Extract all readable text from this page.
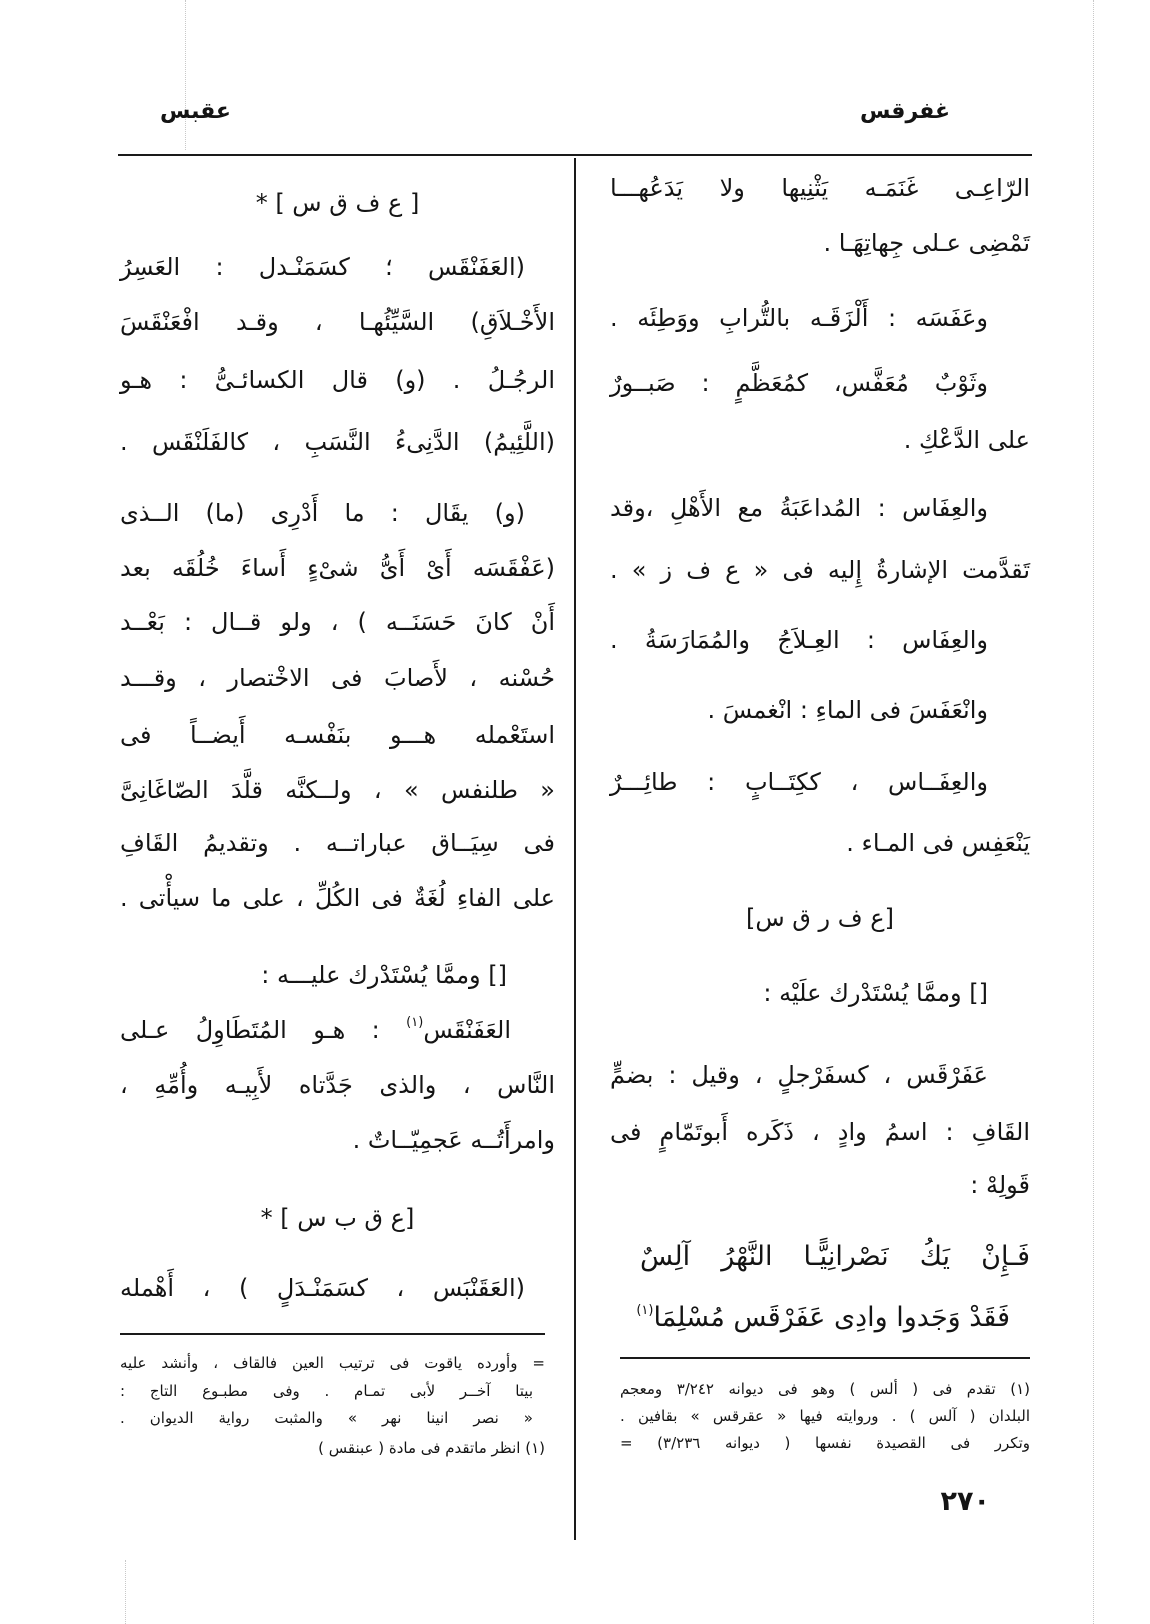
غفرقس
عقبس
الرّاعِـى غَنَمَـه يَثْنِيها ولا يَدَعُهـــا
تَمْضِى عـلى جِهاتِهَـا .
وعَفَسَه : أَلْزَقَـه بالتُّرابِ ووَطِئَه .
وثَوْبٌ مُعَفَّس، كمُعَظَّمٍ : صَبــورٌ
على الدَّعْكِ .
والعِفَاس : المُداعَبَةُ مع الأَهْلِ ،وقد
تَقدَّمت الإشارةُ إِليه فى « ع ف ز » .
والعِفَاس : العِـلاَجُ والمُمَارَسَةُ .
وانْعَفَسَ فى الماءِ : انْغمسَ .
والعِفَــاس ، ككِتَــابٍ : طائِـــرٌ
يَنْعَفِس فى المـاء .
[ع ف ر ق س]
[] وممَّا يُسْتَدْرك علَيْه :
عَفَرْقَس ، كسفَرْجلٍ ، وقيل : بضمٍّ
القَافِ : اسمُ وادٍ ، ذَكَره أَبوتَمّامٍ فى
قَولِهْ :
فَـإِنْ يَكُ نَصْرانِيًّـا النَّهْرُ آلِسٌ
فَقَدْ وَجَدوا وادِى عَفَرْقَس مُسْلِمَا$^{(١)}$
(١) تقدم فى ( ألس ) وهو فى ديوانه ٣/٢٤٢ ومعجم
البلدان ( آلس ) . وروايته فيها « عقرقس » بقافين .
وتكرر فى القصيدة نفسها ( ديوانه ٣/٢٣٦) =
[ ع ف ق س ] *
(العَفَنْقَس ؛ كسَمَنْـدل : العَسِرُ
الأَخْـلاَقِ) السَّيِّئُهـا ، وقـد افْعَنْقَسَ
الرجُـلُ . (و) قال الكسائـىُّ : هـو
(اللَّئِيمُ) الدَّنِىءُ النَّسَبِ ، كالفَلَنْقَس .
(و) يقَال : ما أَدْرِى (ما) الــذى
(عَفْقَسَه أَىْ أَىُّ شىْءٍ أَساءَ خُلُقَه بعد
أَنْ كانَ حَسَنَــه ) ، ولو قــال : بَعْــد
حُسْنه ، لأَصابَ فى الاخْتصار ، وقـــد
استَعْمله هـــو بنَفْسـه أَيضــاً فى
« طلنفس » ، ولــكنَّه قلَّدَ الصّاغَانِىَّ
فى سِيَــاق عباراتــه . وتقديمُ القَافِ
على الفاءِ لُغَةٌ فى الكُلِّ ، على ما سيأْتى .
[] وممَّا يُسْتَدْرك عليـــه :
العَفَنْقَس$^{(١)}$ : هـو المُتَطَاوِلُ عـلى
النَّاس ، والذى جَدَّتاه لأَبِيـه وأُمِّهِ ،
وامرأَتُــه عَجمِيّــاتٌ .
[ع ق ب س ] *
(العَقَنْبَس ، كسَمَنْـدَلٍ ) ، أَهْمله
= وأورده ياقوت فى ترتيب العين فالقاف ، وأنشد عليه
بيتا آخــر لأبى تمـام . وفى مطبـوع التاج :
« نصر انينا نهر » والمثبت رواية الديوان .
(١) انظر ماتقدم فى مادة ( عبنقس )
٢٧٠
